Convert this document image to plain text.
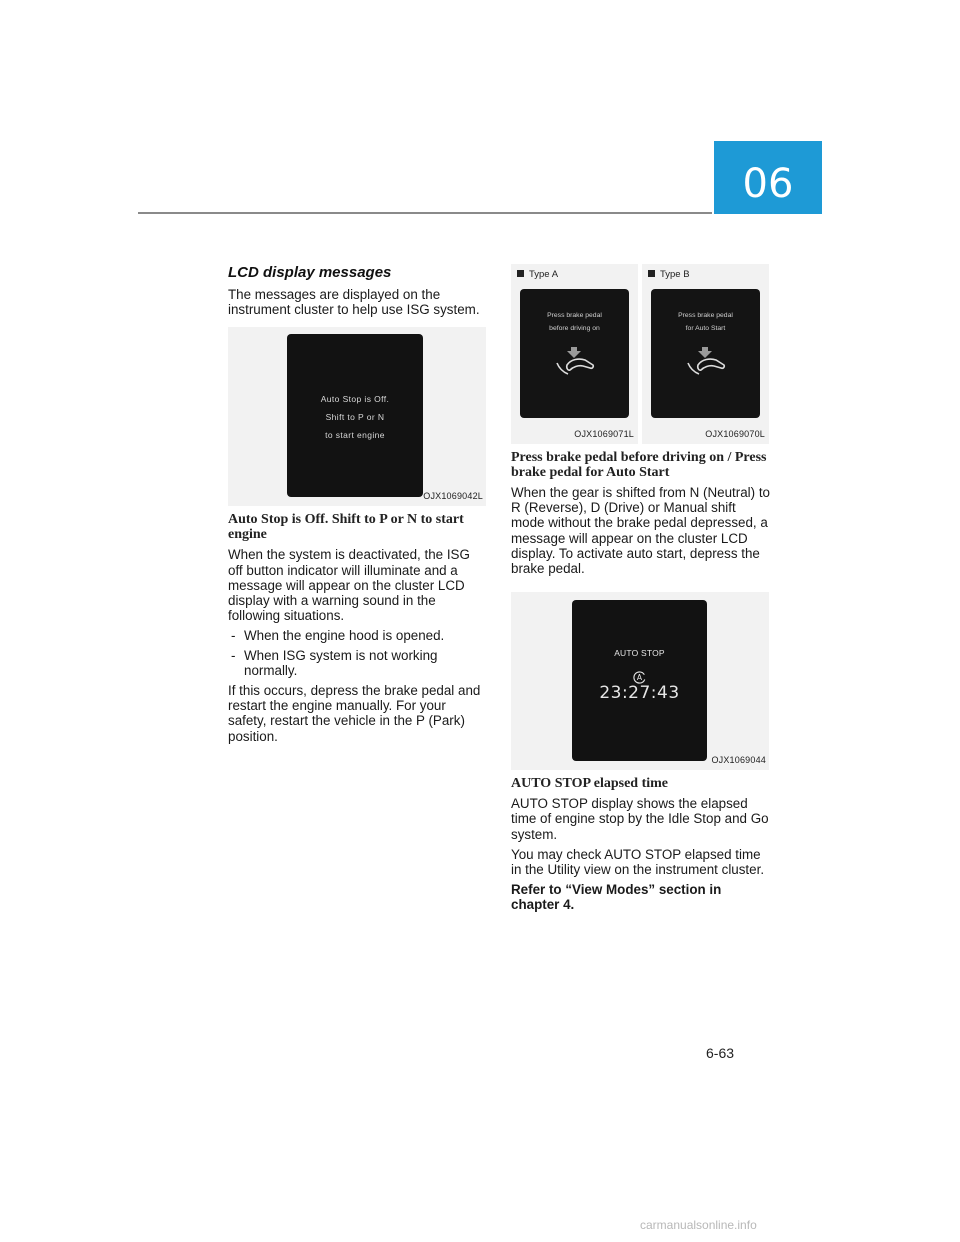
06
LCD display messages

The messages are displayed on the instrument cluster to help use ISG system.

Auto Stop is Off.
Shift to P or N
to start engine
OJX1069042L
Auto Stop is Off. Shift to P or N to start engine

When the system is deactivated, the ISG off button indicator will illuminate and a message will appear on the cluster LCD display with a warning sound in the following situations.

- When the engine hood is opened.
- When ISG system is not working normally.

If this occurs, depress the brake pedal and restart the engine manually. For your safety, restart the vehicle in the P (Park) position.

Type A
Press brake pedal
before driving on
OJX1069071L
Type B
Press brake pedal
for Auto Start
OJX1069070L
Press brake pedal before driving on / Press brake pedal for Auto Start

When the gear is shifted from N (Neutral) to R (Reverse), D (Drive) or Manual shift mode without the brake pedal depressed, a message will appear on the cluster LCD display. To activate auto start, depress the brake pedal.

AUTO STOP
A
23:27:43
OJX1069044
AUTO STOP elapsed time

AUTO STOP display shows the elapsed time of engine stop by the Idle Stop and Go system.

You may check AUTO STOP elapsed time in the Utility view on the instrument cluster.

Refer to “View Modes” section in chapter 4.

6-63
carmanualsonline.info
